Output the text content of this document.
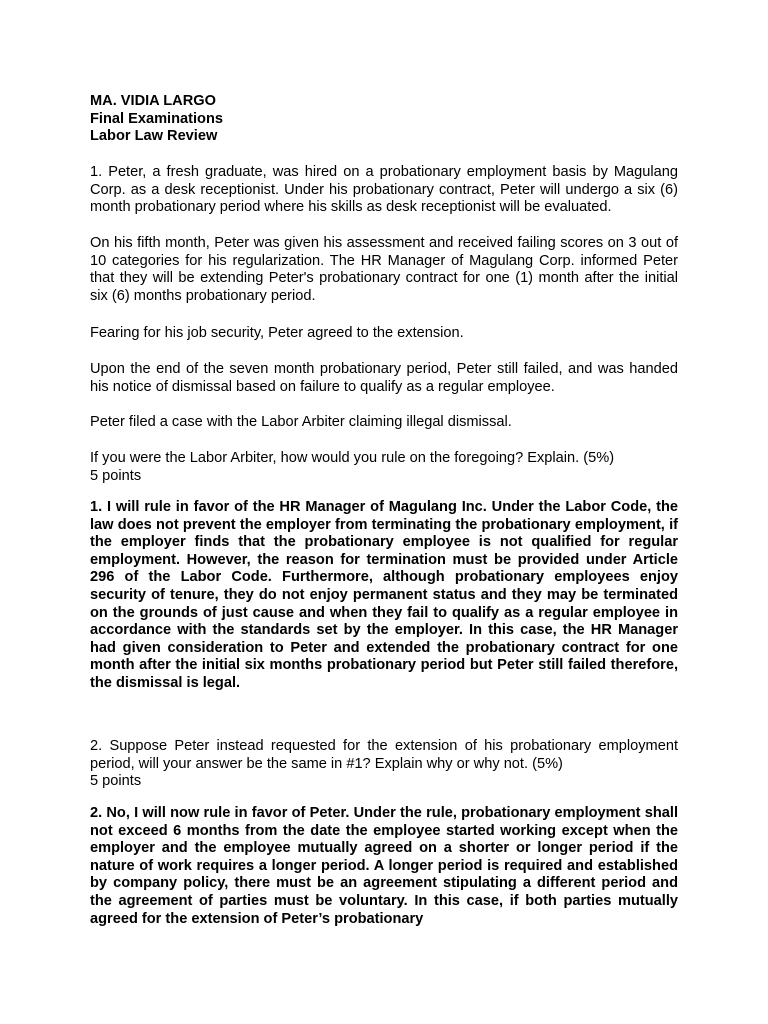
MA. VIDIA LARGO
Final Examinations
Labor Law Review

1. Peter, a fresh graduate, was hired on a probationary employment basis by Magulang Corp. as a desk receptionist. Under his probationary contract, Peter will undergo a six (6) month probationary period where his skills as desk receptionist will be evaluated.

On his fifth month, Peter was given his assessment and received failing scores on 3 out of 10 categories for his regularization. The HR Manager of Magulang Corp. informed Peter that they will be extending Peter's probationary contract for one (1) month after the initial six (6) months probationary period.

Fearing for his job security, Peter agreed to the extension.

Upon the end of the seven month probationary period, Peter still failed, and was handed his notice of dismissal based on failure to qualify as a regular employee.

Peter filed a case with the Labor Arbiter claiming illegal dismissal.

If you were the Labor Arbiter, how would you rule on the foregoing? Explain. (5%)
5 points

1. I will rule in favor of the HR Manager of Magulang Inc. Under the Labor Code, the law does not prevent the employer from terminating the probationary employment, if the employer finds that the probationary employee is not qualified for regular employment. However, the reason for termination must be provided under Article 296 of the Labor Code. Furthermore, although probationary employees enjoy security of tenure, they do not enjoy permanent status and they may be terminated on the grounds of just cause and when they fail to qualify as a regular employee in accordance with the standards set by the employer. In this case, the HR Manager had given consideration to Peter and extended the probationary contract for one month after the initial six months probationary period but Peter still failed therefore, the dismissal is legal.

2. Suppose Peter instead requested for the extension of his probationary employment period, will your answer be the same in #1? Explain why or why not. (5%)
5 points

2. No, I will now rule in favor of Peter. Under the rule, probationary employment shall not exceed 6 months from the date the employee started working except when the employer and the employee mutually agreed on a shorter or longer period if the nature of work requires a longer period. A longer period is required and established by company policy, there must be an agreement stipulating a different period and the agreement of parties must be voluntary. In this case, if both parties mutually agreed for the extension of Peter’s probationary
